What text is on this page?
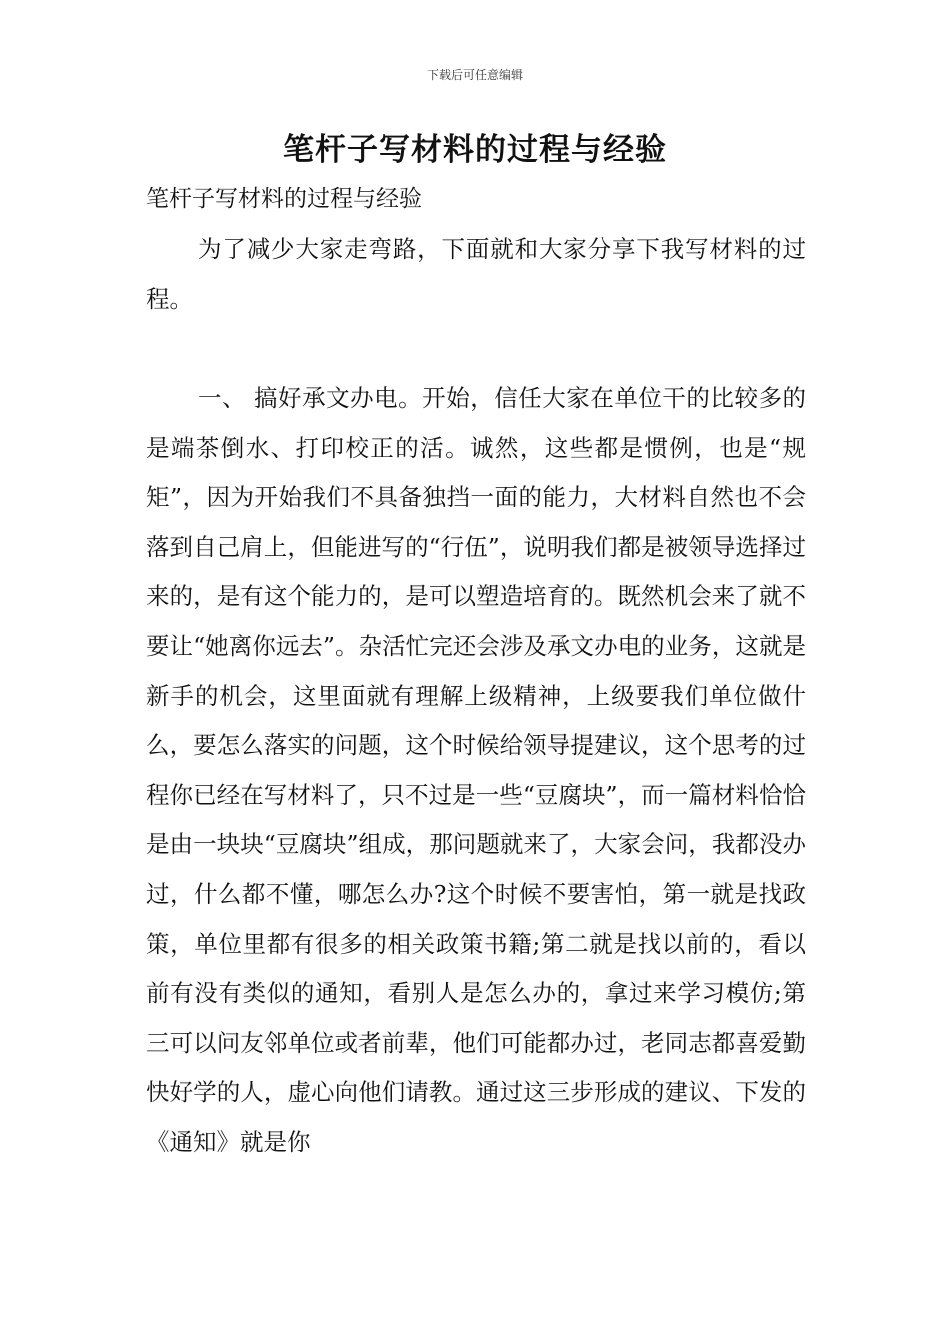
下载后可任意编辑
笔杆子写材料的过程与经验
笔杆子写材料的过程与经验

为了减少大家走弯路，下面就和大家分享下我写材料的过程。

一、 搞好承文办电。开始，信任大家在单位干的比较多的是端茶倒水、打印校正的活。诚然，这些都是惯例，也是“规矩”，因为开始我们不具备独挡一面的能力，大材料自然也不会落到自己肩上，但能进写的“行伍”，说明我们都是被领导选择过来的，是有这个能力的，是可以塑造培育的。既然机会来了就不要让“她离你远去”。杂活忙完还会涉及承文办电的业务，这就是新手的机会，这里面就有理解上级精神，上级要我们单位做什么，要怎么落实的问题，这个时候给领导提建议，这个思考的过程你已经在写材料了，只不过是一些“豆腐块”，而一篇材料恰恰是由一块块“豆腐块”组成，那问题就来了，大家会问，我都没办过，什么都不懂，哪怎么办?这个时候不要害怕，第一就是找政策，单位里都有很多的相关政策书籍;第二就是找以前的，看以前有没有类似的通知，看别人是怎么办的，拿过来学习模仿;第三可以问友邻单位或者前辈，他们可能都办过，老同志都喜爱勤快好学的人，虚心向他们请教。通过这三步形成的建议、下发的《通知》就是你
